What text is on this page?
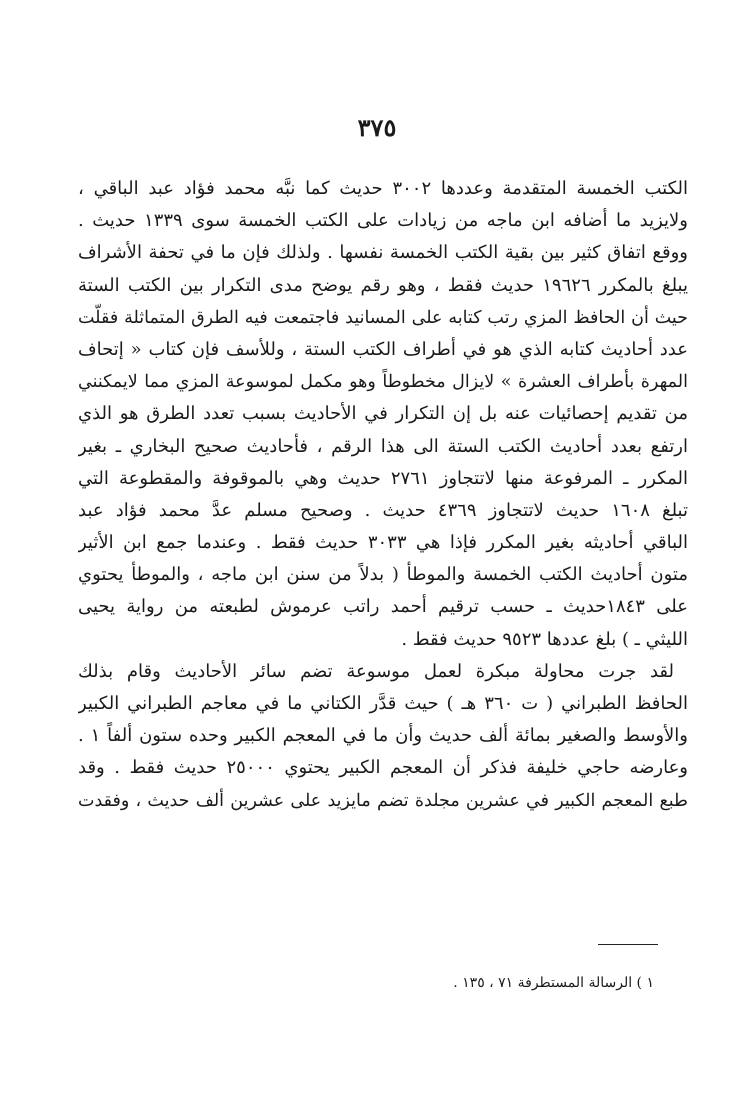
٣٧٥
الكتب الخمسة المتقدمة وعددها ٣٠٠٢ حديث كما نبَّه محمد فؤاد عبد الباقي ،
ولايزيد ما أضافه ابن ماجه من زيادات على الكتب الخمسة سوى ١٣٣٩ حديث .
ووقع اتفاق كثير بين بقية الكتب الخمسة نفسها . ولذلك فإن ما في تحفة الأشراف
يبلغ بالمكرر ١٩٦٢٦ حديث فقط ، وهو رقم يوضح مدى التكرار بين الكتب الستة
حيث أن الحافظ المزي رتب كتابه على المسانيد فاجتمعت فيه الطرق المتماثلة فقلّت
عدد أحاديث كتابه الذي هو في أطراف الكتب الستة ، وللأسف فإن كتاب « إتحاف
المهرة بأطراف العشرة » لايزال مخطوطاً وهو مكمل لموسوعة المزي مما لايمكنني
من تقديم إحصائيات عنه بل إن التكرار في الأحاديث بسبب تعدد الطرق هو الذي
ارتفع بعدد أحاديث الكتب الستة الى هذا الرقم ، فأحاديث صحيح البخاري ـ بغير
المكرر ـ المرفوعة منها لاتتجاوز ٢٧٦١ حديث وهي بالموقوفة والمقطوعة التي
تبلغ ١٦٠٨ حديث لاتتجاوز ٤٣٦٩ حديث . وصحيح مسلم عدَّ محمد فؤاد عبد
الباقي أحاديثه بغير المكرر فإذا هي ٣٠٣٣ حديث فقط . وعندما جمع ابن الأثير
متون أحاديث الكتب الخمسة والموطأ ( بدلاً من سنن ابن ماجه ، والموطأ يحتوي
على ١٨٤٣حديث ـ حسب ترقيم أحمد راتب عرموش لطبعته من رواية يحيى
الليثي ـ ) بلغ عددها ٩٥٢٣ حديث فقط .
لقد جرت محاولة مبكرة لعمل موسوعة تضم سائر الأحاديث وقام بذلك
الحافظ الطبراني ( ت ٣٦٠ هـ ) حيث قدَّر الكتاني ما في معاجم الطبراني الكبير
والأوسط والصغير بمائة ألف حديث وأن ما في المعجم الكبير وحده ستون ألفاً ١ .
وعارضه حاجي خليفة فذكر أن المعجم الكبير يحتوي ٢٥٠٠٠ حديث فقط . وقد
طبع المعجم الكبير في عشرين مجلدة تضم مايزيد على عشرين ألف حديث ، وفقدت
١ ) الرسالة المستطرفة ٧١ ، ١٣٥ .
